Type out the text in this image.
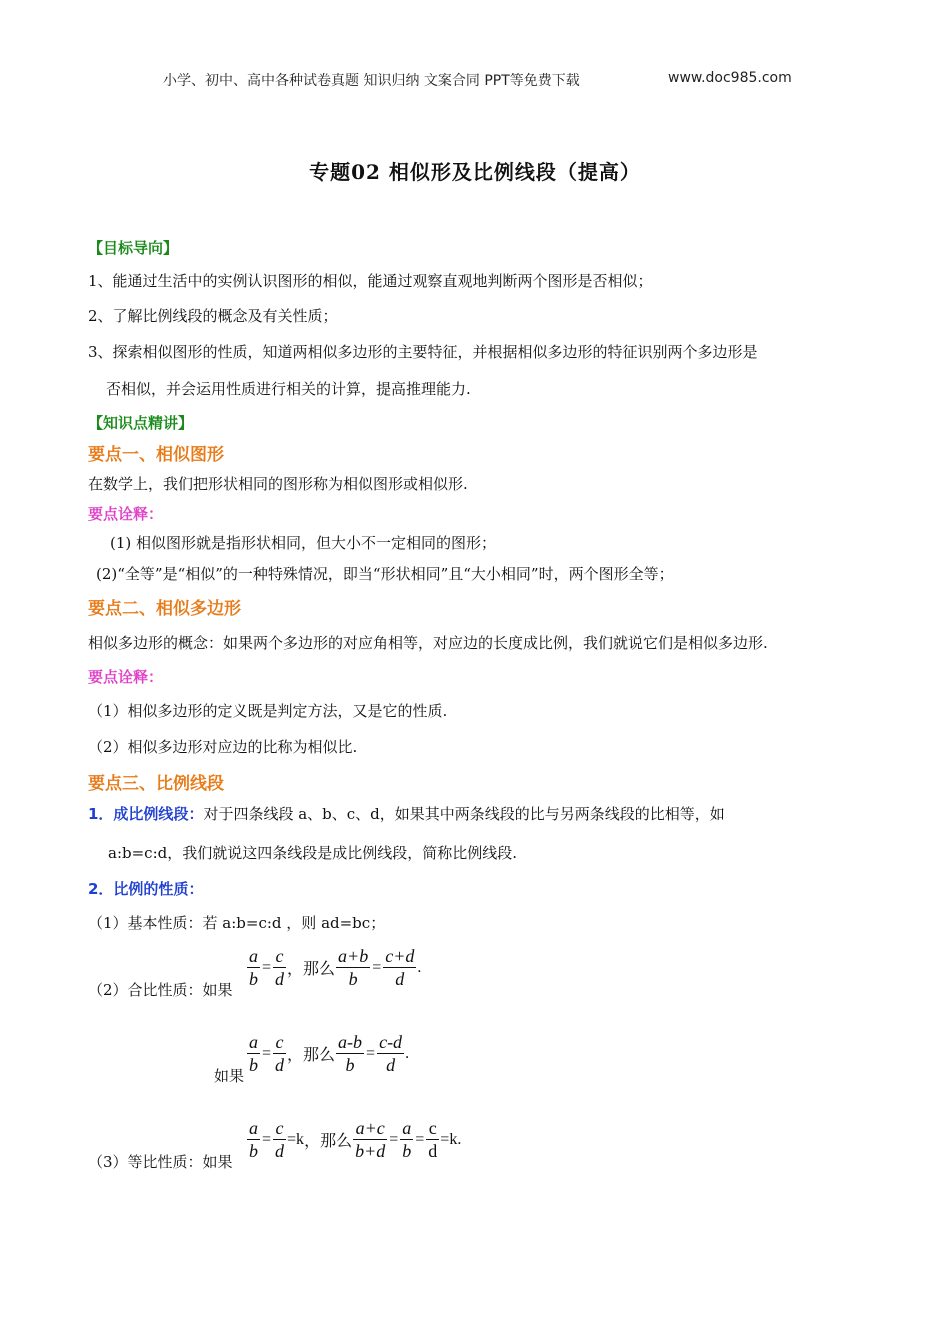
小学、初中、高中各种试卷真题 知识归纳 文案合同 PPT等免费下载	www.doc985.com
专题02 相似形及比例线段（提高）
【目标导向】
1、能通过生活中的实例认识图形的相似，能通过观察直观地判断两个图形是否相似；
2、了解比例线段的概念及有关性质；
3、探索相似图形的性质，知道两相似多边形的主要特征，并根据相似多边形的特征识别两个多边形是
否相似，并会运用性质进行相关的计算，提高推理能力.
【知识点精讲】
要点一、相似图形
在数学上，我们把形状相同的图形称为相似图形或相似形.
要点诠释：
(1) 相似图形就是指形状相同，但大小不一定相同的图形；
(2)“全等”是“相似”的一种特殊情况，即当“形状相同”且“大小相同”时，两个图形全等；
要点二、相似多边形
相似多边形的概念：如果两个多边形的对应角相等，对应边的长度成比例，我们就说它们是相似多边形.
要点诠释：
（1）相似多边形的定义既是判定方法，又是它的性质.
（2）相似多边形对应边的比称为相似比.
要点三、比例线段
1．成比例线段：对于四条线段 a、b、c、d，如果其中两条线段的比与另两条线段的比相等，如
a:b=c:d，我们就说这四条线段是成比例线段，简称比例线段.
2．比例的性质：
（1）基本性质：若 a:b=c:d ，则 ad=bc；
（2）合比性质：如果 $\frac{a}{b} = \frac{c}{d}$ ，那么 $\frac{a+b}{b} = \frac{c+d}{d}$ .
如果 $\frac{a}{b} = \frac{c}{d}$ ，那么 $\frac{a-b}{b} = \frac{c-d}{d}$ .
（3）等比性质：如果 $\frac{a}{b} = \frac{c}{d} =k$，那么 $\frac{a+c}{b+d} = \frac{a}{b} = \frac{c}{d} =k$.
